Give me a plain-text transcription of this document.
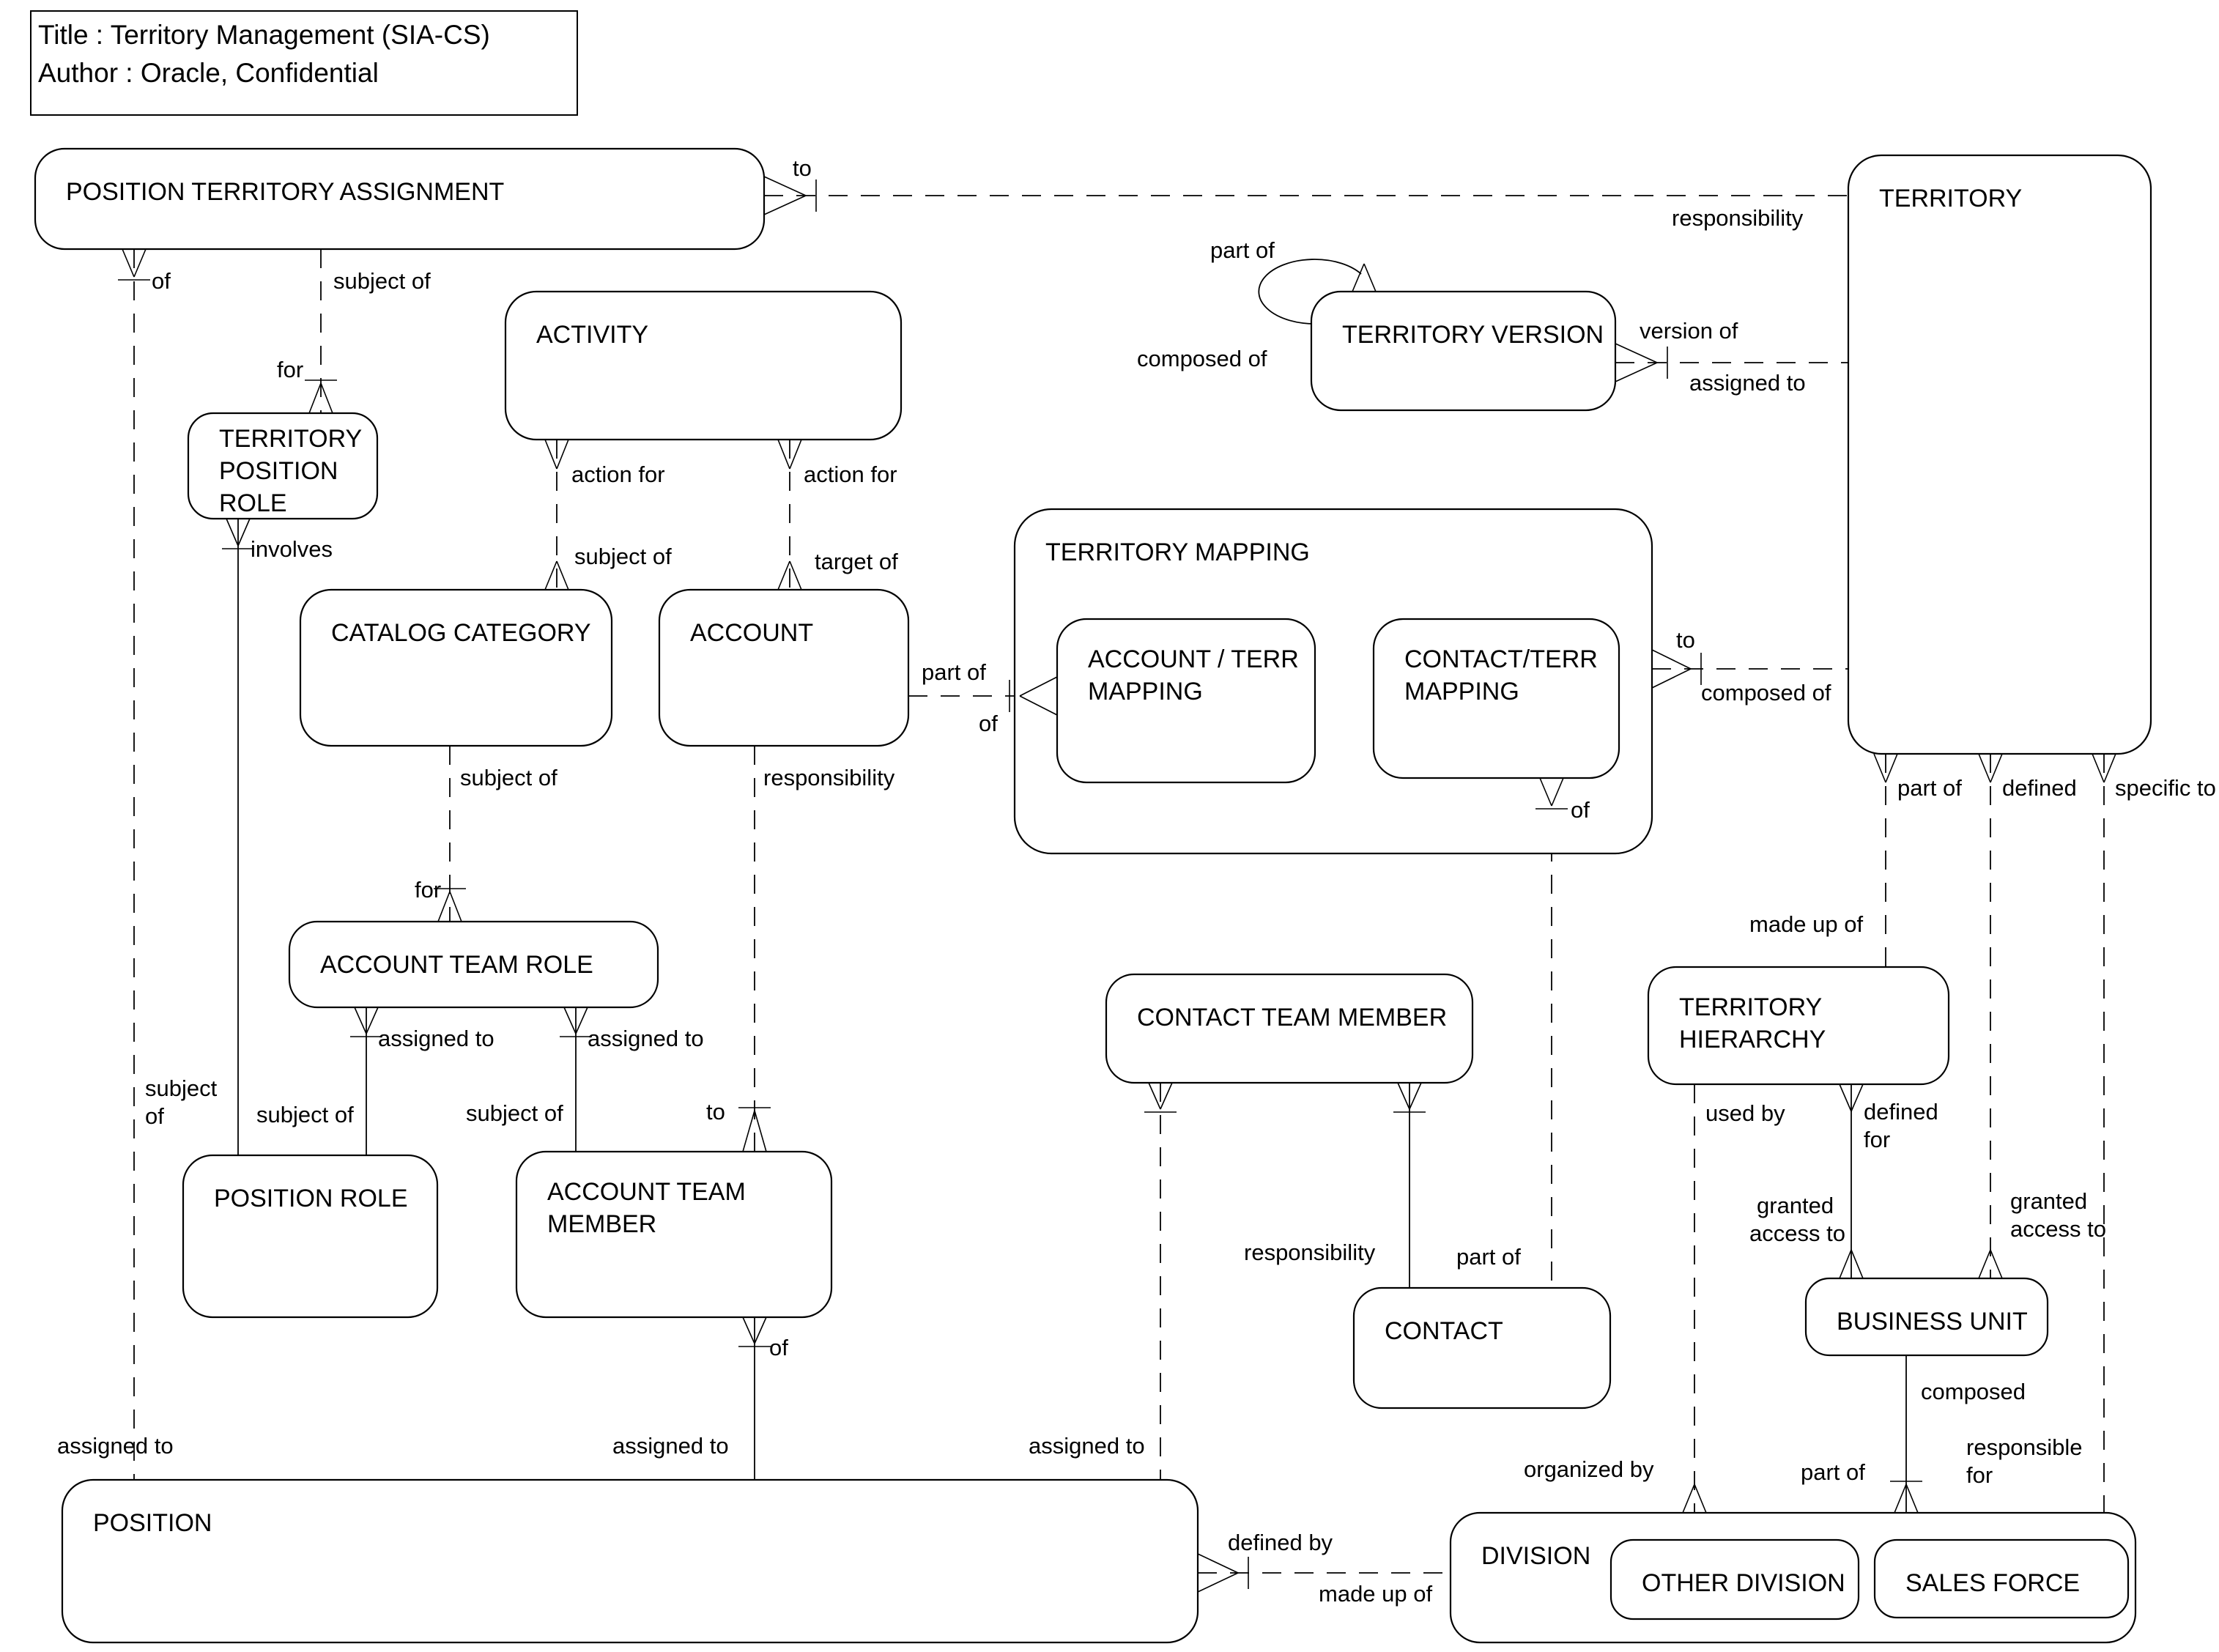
TERRITORY MAPPING
POSITION TERRITORY ASSIGNMENT	TERRITORY
TERRITORY VERSION
ACTIVITY
TERRITORY POSITION ROLE
CATALOG CATEGORY	ACCOUNT
ACCOUNT / TERR MAPPING
CONTACT/TERR MAPPING
ACCOUNT TEAM ROLE
CONTACT TEAM MEMBER	TERRITORY HIERARCHY
POSITION ROLE	ACCOUNT TEAM MEMBER
CONTACT	BUSINESS UNIT
POSITION
DIVISION
OTHER DIVISION SALES FORCE
to
responsibility
part of
composed of
version of
assigned to
of	subject of
for
action for	action for
involves	subject of	target of
part of
of
to
composed of
subject of	responsibility
of
part of defined specific to
made up of
for
assigned to	assigned to
subject
of	subject of	subject of	to	used by	defined
for
granted
access to
granted
access to
responsibility	part of
of
composed
part of
responsible
for
assigned to	assigned to	assigned to
organized by
defined by
made up of
Title : Territory Management (SIA-CS)
Author : Oracle, Confidential
